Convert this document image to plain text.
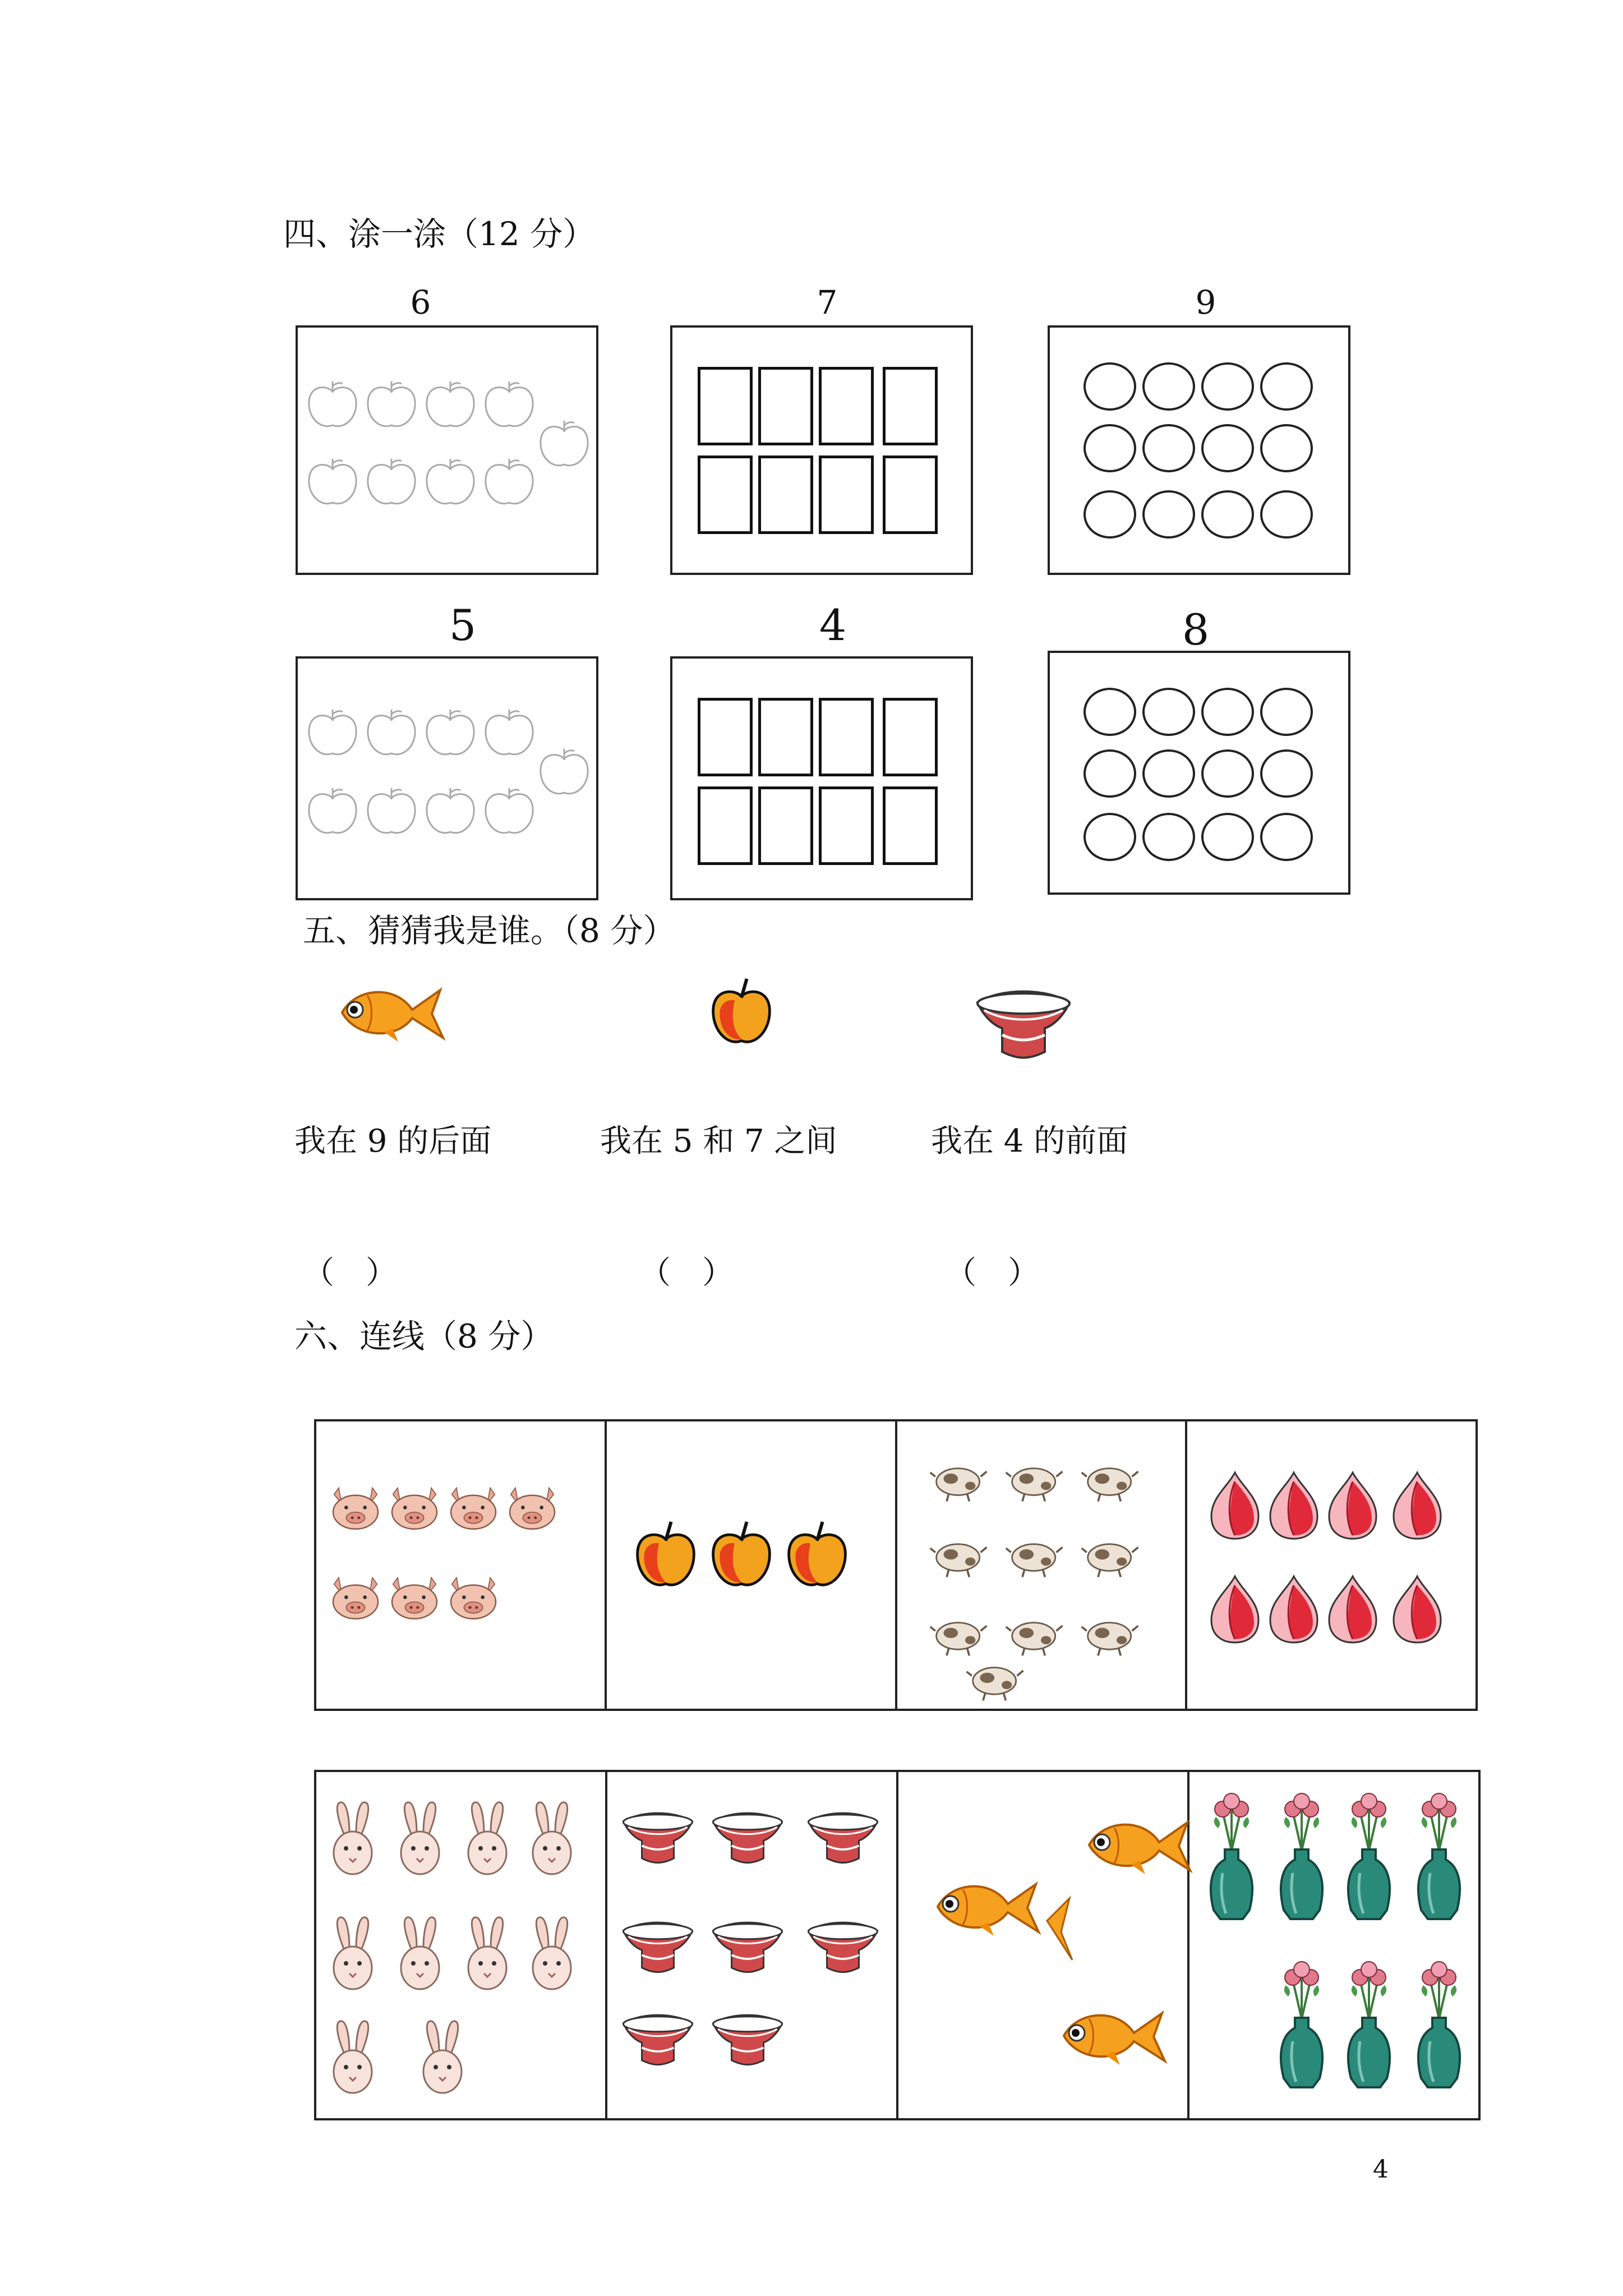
四、涂一涂（12 分）
6	7	9
5	4	8
五、猜猜我是谁。（8 分）
我在 9 的后面	我在 5 和 7 之间	我在 4 的前面
（　）	（　）	（　）
六、连线（8 分）
4
